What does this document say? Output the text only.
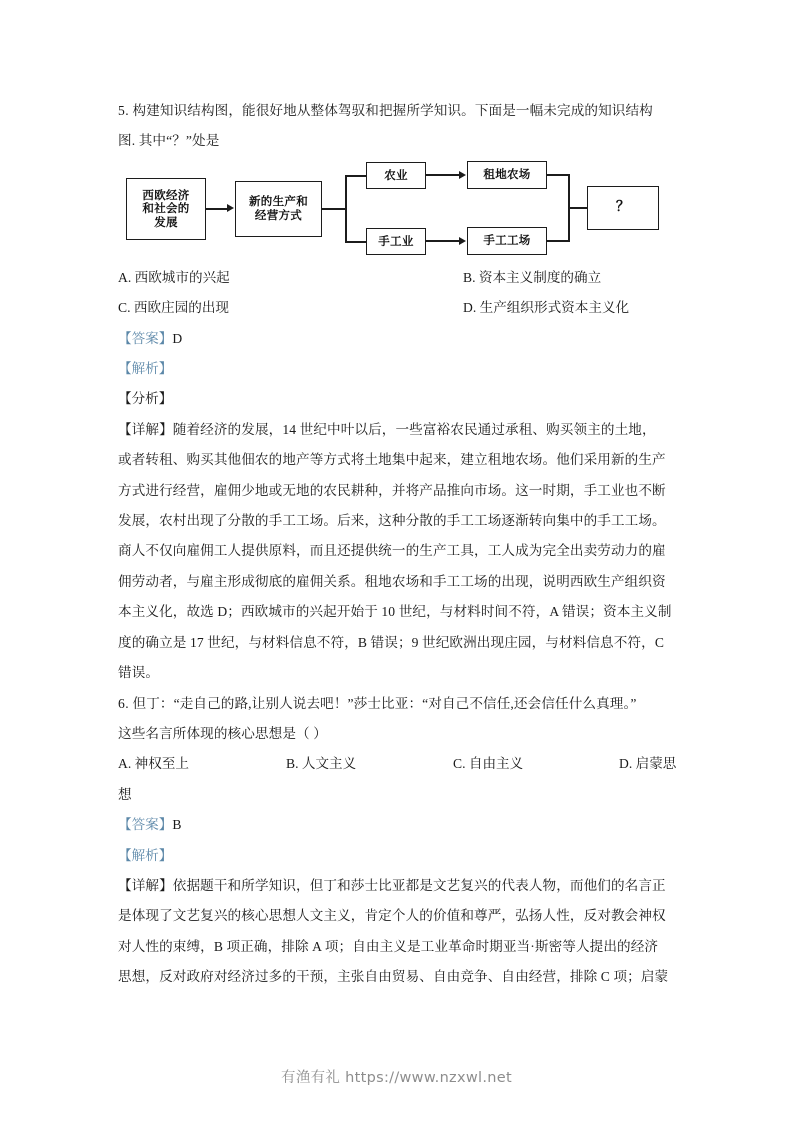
5. 构建知识结构图，能很好地从整体驾驭和把握所学知识。下面是一幅未完成的知识结构
图. 其中“？”处是
西欧经济
和社会的
发展
新的生产和
经营方式
农业
手工业
租地农场
手工工场
？
A. 西欧城市的兴起	B. 资本主义制度的确立
C. 西欧庄园的出现	D. 生产组织形式资本主义化
【答案】D
【解析】
【分析】
【详解】随着经济的发展，14 世纪中叶以后，一些富裕农民通过承租、购买领主的土地，
或者转租、购买其他佃农的地产等方式将土地集中起来，建立租地农场。他们采用新的生产
方式进行经营，雇佣少地或无地的农民耕种，并将产品推向市场。这一时期，手工业也不断
发展，农村出现了分散的手工工场。后来，这种分散的手工工场逐渐转向集中的手工工场。
商人不仅向雇佣工人提供原料，而且还提供统一的生产工具，工人成为完全出卖劳动力的雇
佣劳动者，与雇主形成彻底的雇佣关系。租地农场和手工工场的出现，说明西欧生产组织资
本主义化，故选 D；西欧城市的兴起开始于 10 世纪，与材料时间不符，A 错误；资本主义制
度的确立是 17 世纪，与材料信息不符，B 错误；9 世纪欧洲出现庄园，与材料信息不符，C
错误。
6. 但丁：“走自己的路,让别人说去吧！”莎士比亚：“对自己不信任,还会信任什么真理。”
这些名言所体现的核心思想是（ ）
A. 神权至上	B. 人文主义	C. 自由主义	D. 启蒙思
想
【答案】B
【解析】
【详解】依据题干和所学知识，但丁和莎士比亚都是文艺复兴的代表人物，而他们的名言正
是体现了文艺复兴的核心思想人文主义，肯定个人的价值和尊严，弘扬人性，反对教会神权
对人性的束缚，B 项正确，排除 A 项；自由主义是工业革命时期亚当·斯密等人提出的经济
思想，反对政府对经济过多的干预，主张自由贸易、自由竞争、自由经营，排除 C 项；启蒙
有渔有礼 https://www.nzxwl.net
